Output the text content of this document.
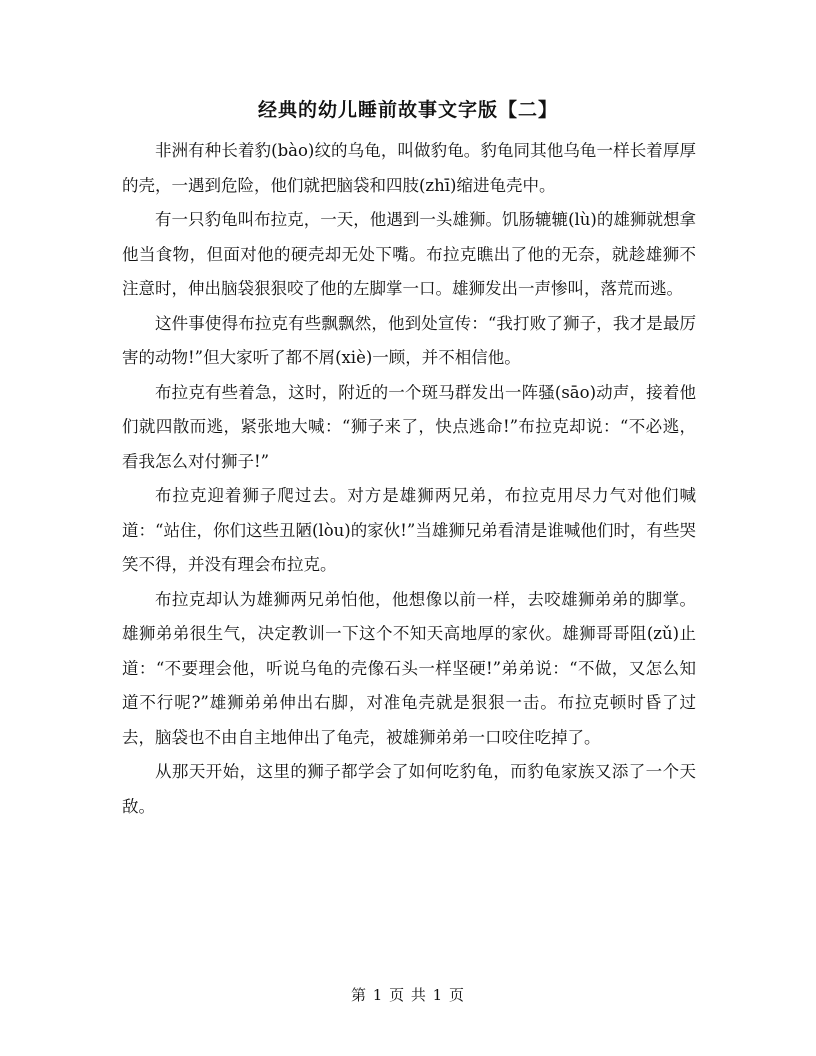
经典的幼儿睡前故事文字版【二】

非洲有种长着豹(bào)纹的乌龟，叫做豹龟。豹龟同其他乌龟一样长着厚厚的壳，一遇到危险，他们就把脑袋和四肢(zhī)缩进龟壳中。

有一只豹龟叫布拉克，一天，他遇到一头雄狮。饥肠辘辘(lù)的雄狮就想拿他当食物，但面对他的硬壳却无处下嘴。布拉克瞧出了他的无奈，就趁雄狮不注意时，伸出脑袋狠狠咬了他的左脚掌一口。雄狮发出一声惨叫，落荒而逃。

这件事使得布拉克有些飘飘然，他到处宣传：“我打败了狮子，我才是最厉害的动物!”但大家听了都不屑(xiè)一顾，并不相信他。

布拉克有些着急，这时，附近的一个斑马群发出一阵骚(sāo)动声，接着他们就四散而逃，紧张地大喊：“狮子来了，快点逃命!”布拉克却说：“不必逃，看我怎么对付狮子!”

布拉克迎着狮子爬过去。对方是雄狮两兄弟，布拉克用尽力气对他们喊道：“站住，你们这些丑陋(lòu)的家伙!”当雄狮兄弟看清是谁喊他们时，有些哭笑不得，并没有理会布拉克。

布拉克却认为雄狮两兄弟怕他，他想像以前一样，去咬雄狮弟弟的脚掌。雄狮弟弟很生气，决定教训一下这个不知天高地厚的家伙。雄狮哥哥阻(zǔ)止道：“不要理会他，听说乌龟的壳像石头一样坚硬!”弟弟说：“不做，又怎么知道不行呢?”雄狮弟弟伸出右脚，对准龟壳就是狠狠一击。布拉克顿时昏了过去，脑袋也不由自主地伸出了龟壳，被雄狮弟弟一口咬住吃掉了。

从那天开始，这里的狮子都学会了如何吃豹龟，而豹龟家族又添了一个天敌。

第 1 页 共 1 页
